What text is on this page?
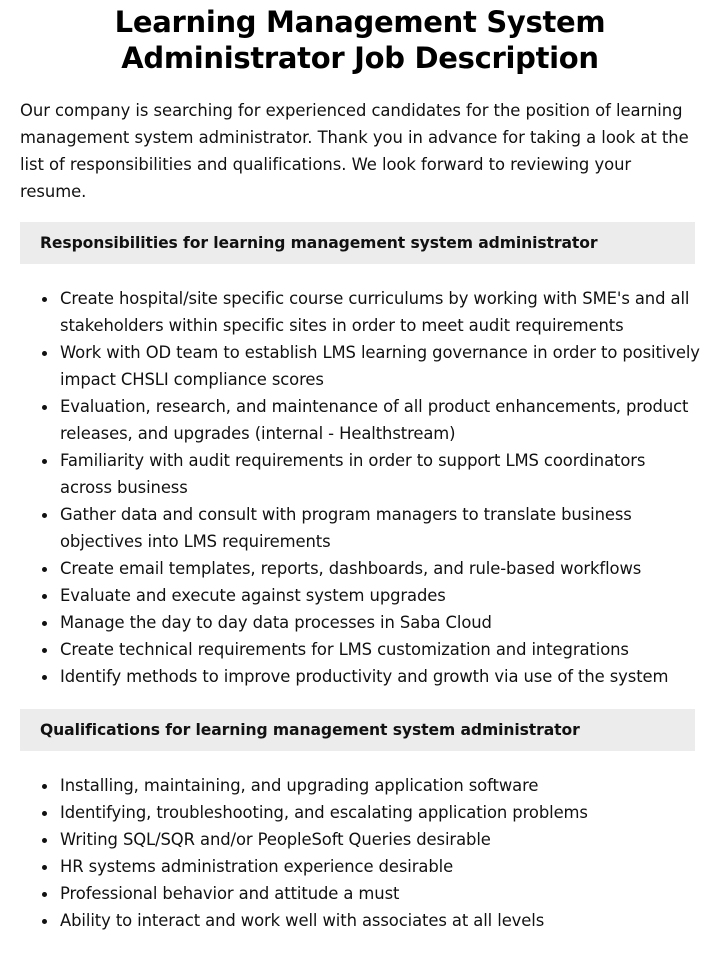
Learning Management System Administrator Job Description

Our company is searching for experienced candidates for the position of learning management system administrator. Thank you in advance for taking a look at the list of responsibilities and qualifications. We look forward to reviewing your resume.

Responsibilities for learning management system administrator
Create hospital/site specific course curriculums by working with SME's and all stakeholders within specific sites in order to meet audit requirements
Work with OD team to establish LMS learning governance in order to positively impact CHSLI compliance scores
Evaluation, research, and maintenance of all product enhancements, product releases, and upgrades (internal - Healthstream)
Familiarity with audit requirements in order to support LMS coordinators across business
Gather data and consult with program managers to translate business objectives into LMS requirements
Create email templates, reports, dashboards, and rule-based workflows
Evaluate and execute against system upgrades
Manage the day to day data processes in Saba Cloud
Create technical requirements for LMS customization and integrations
Identify methods to improve productivity and growth via use of the system
Qualifications for learning management system administrator
Installing, maintaining, and upgrading application software
Identifying, troubleshooting, and escalating application problems
Writing SQL/SQR and/or PeopleSoft Queries desirable
HR systems administration experience desirable
Professional behavior and attitude a must
Ability to interact and work well with associates at all levels
